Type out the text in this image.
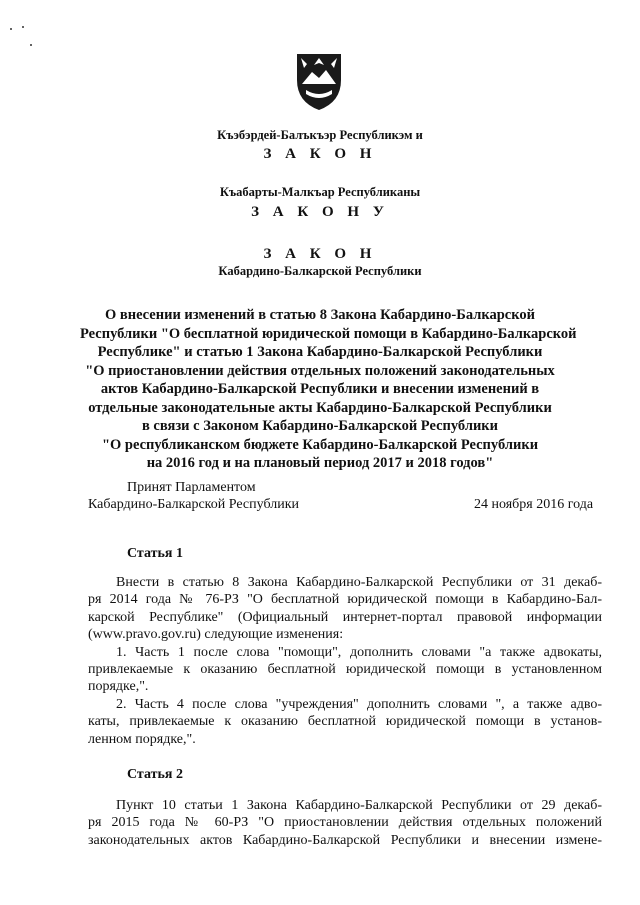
Къэбэрдей-Балъкъэр Республикэм и
З А К О Н
Къабарты-Малкъар Республиканы
З А К О Н У
З А К О Н
Кабардино-Балкарской Республики
О внесении изменений в статью 8 Закона Кабардино-Балкарской
Республики "О бесплатной юридической помощи в Кабардино-Балкарской
Республике" и статью 1 Закона Кабардино-Балкарской Республики
"О приостановлении действия отдельных положений законодательных
актов Кабардино-Балкарской Республики и внесении изменений в
отдельные законодательные акты Кабардино-Балкарской Республики
в связи с Законом Кабардино-Балкарской Республики
"О республиканском бюджете Кабардино-Балкарской Республики
на 2016 год и на плановый период 2017 и 2018 годов"
Принят Парламентом
Кабардино-Балкарской Республики	24 ноября 2016 года
Статья 1
Внести в статью 8 Закона Кабардино-Балкарской Республики от 31 декаб-
ря 2014 года № 76-РЗ "О бесплатной юридической помощи в Кабардино-Бал-
карской Республике" (Официальный интернет-портал правовой информации
(www.pravo.gov.ru) следующие изменения:
1. Часть 1 после слова "помощи", дополнить словами "а также адвокаты,
привлекаемые к оказанию бесплатной юридической помощи в установленном
порядке,".
2. Часть 4 после слова "учреждения" дополнить словами ", а также адво-
каты, привлекаемые к оказанию бесплатной юридической помощи в установ-
ленном порядке,".
Статья 2
Пункт 10 статьи 1 Закона Кабардино-Балкарской Республики от 29 декаб-
ря 2015 года № 60-РЗ "О приостановлении действия отдельных положений
законодательных актов Кабардино-Балкарской Республики и внесении измене-
